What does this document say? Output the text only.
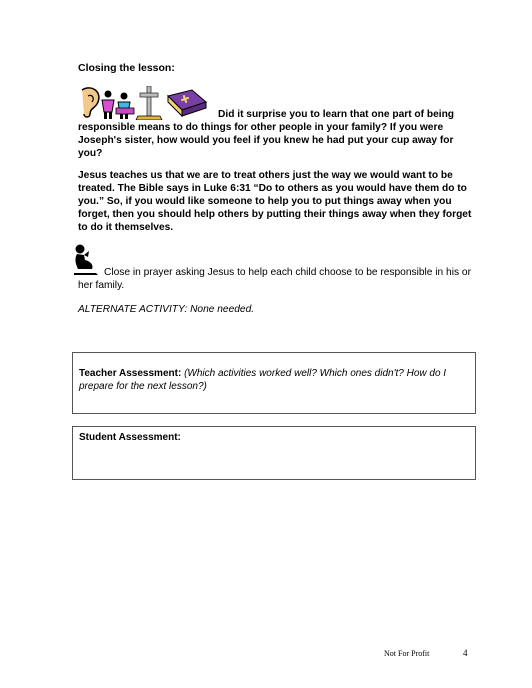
Closing the lesson:
Did it surprise you to learn that one part of being responsible means to do things for other people in your family? If you were Joseph's sister, how would you feel if you knew he had put your cup away for you?
Jesus teaches us that we are to treat others just the way we would want to be treated. The Bible says in Luke 6:31 “Do to others as you would have them do to you.” So, if you would like someone to help you to put things away when you forget, then you should help others by putting their things away when they forget to do it themselves.
Close in prayer asking Jesus to help each child choose to be responsible in his or her family.
ALTERNATE ACTIVITY: None needed.
Teacher Assessment: (Which activities worked well? Which ones didn't? How do I prepare for the next lesson?)
Student Assessment:
Not For Profit	4
